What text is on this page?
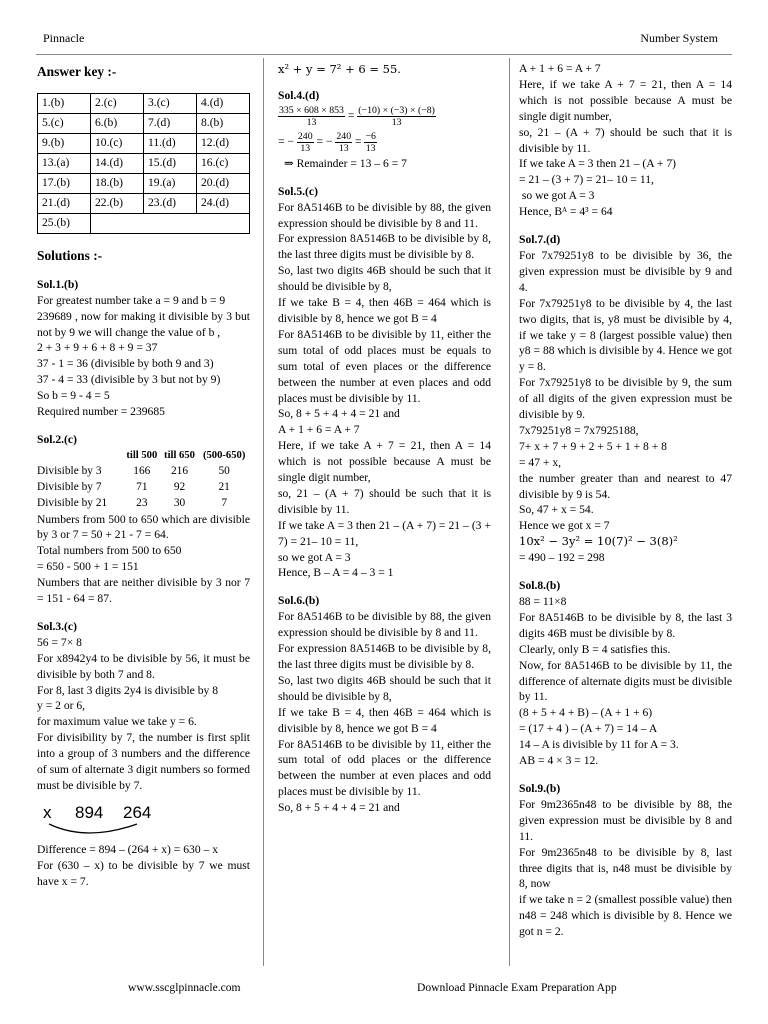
Pinnacle	Number System

Answer key :-

1.(b)	2.(c)	3.(c)	4.(d)
5.(c)	6.(b)	7.(d)	8.(b)
9.(b)	10.(c)	11.(d)	12.(d)
13.(a)	14.(d)	15.(d)	16.(c)
17.(b)	18.(b)	19.(a)	20.(d)
21.(d)	22.(b)	23.(d)	24.(d)
25.(b)			

Solutions :-

Sol.1.(b)

For greatest number take a = 9 and b = 9

239689 , now for making it divisible by 3 but not by 9 we will change the value of b ,

2 + 3 + 9 + 6 + 8 + 9 = 37

37 - 1 = 36 (divisible by both 9 and 3)

37 - 4 = 33 (divisible by 3 but not by 9)

So b = 9 - 4 = 5

Required number = 239685

Sol.2.(c)

	till 500	till 650	(500-650)
Divisible by 3	166	216	50
Divisible by 7	71	92	21
Divisible by 21	23	30	7

Numbers from 500 to 650 which are divisible by 3 or 7 = 50 + 21 - 7 = 64.

Total numbers from 500 to 650

= 650 - 500 + 1 = 151

Numbers that are neither divisible by 3 nor 7 = 151 - 64 = 87.

Sol.3.(c)

56 = 7× 8

For x8942y4 to be divisible by 56, it must be divisible by both 7 and 8.

For 8, last 3 digits 2y4 is divisible by 8

y = 2 or 6,

for maximum value we take y = 6.

For divisibility by 7, the number is first split into a group of 3 numbers and the difference of sum of alternate 3 digit numbers so formed must be divisible by 7.

x 894 264

Difference = 894 – (264 + x) = 630 – x

For (630 – x) to be divisible by 7 we must have x = 7.

x² + y = 7² + 6 = 55.

Sol.4.(d)

$\frac{335 \times 608 \times 853}{13} = \frac{(-10) \times (-3) \times (-8)}{13}$
= − $\frac{240}{13}$ = − $\frac{240}{13} = \frac{-6}{13}$

⇒ Remainder = 13 – 6 = 7

Sol.5.(c)

For 8A5146B to be divisible by 88, the given expression should be divisible by 8 and 11.

For expression 8A5146B to be divisible by 8, the last three digits must be divisible by 8.

So, last two digits 46B should be such that it should be divisible by 8,

If we take B = 4, then 46B = 464 which is divisible by 8, hence we got B = 4

For 8A5146B to be divisible by 11, either the sum total of odd places must be equals to sum total of even places or the difference between the number at even places and odd places must be divisible by 11.

So, 8 + 5 + 4 + 4 = 21 and

A + 1 + 6 = A + 7

Here, if we take A + 7 = 21, then A = 14 which is not possible because A must be single digit number,

so, 21 – (A + 7) should be such that it is divisible by 11.

If we take A = 3 then 21 – (A + 7) = 21 – (3 + 7) = 21– 10 = 11,

so we got A = 3

Hence, B – A = 4 – 3 = 1

Sol.6.(b)

For 8A5146B to be divisible by 88, the given expression should be divisible by 8 and 11.

For expression 8A5146B to be divisible by 8, the last three digits must be divisible by 8.

So, last two digits 46B should be such that it should be divisible by 8,

If we take B = 4, then 46B = 464 which is divisible by 8, hence we got B = 4

For 8A5146B to be divisible by 11, either the sum total of odd places or the difference between the number at even places and odd places must be divisible by 11.

So, 8 + 5 + 4 + 4 = 21 and

A + 1 + 6 = A + 7

Here, if we take A + 7 = 21, then A = 14 which is not possible because A must be single digit number,

so, 21 – (A + 7) should be such that it is divisible by 11.

If we take A = 3 then 21 – (A + 7)

= 21 – (3 + 7) = 21– 10 = 11,

so we got A = 3

Hence, Bᴬ = 4³ = 64

Sol.7.(d)

For 7x79251y8 to be divisible by 36, the given expression must be divisible by 9 and 4.

For 7x79251y8 to be divisible by 4, the last two digits, that is, y8 must be divisible by 4, if we take y = 8 (largest possible value) then y8 = 88 which is divisible by 4. Hence we got y = 8.

For 7x79251y8 to be divisible by 9, the sum of all digits of the given expression must be divisible by 9.

7x79251y8 = 7x7925188,

7+ x + 7 + 9 + 2 + 5 + 1 + 8 + 8

= 47 + x,

the number greater than and nearest to 47 divisible by 9 is 54.

So, 47 + x = 54.

Hence we got x = 7

10x² − 3y² = 10(7)² − 3(8)²

= 490 – 192 = 298

Sol.8.(b)

88 = 11×8

For 8A5146B to be divisible by 8, the last 3 digits 46B must be divisible by 8.

Clearly, only B = 4 satisfies this.

Now, for 8A5146B to be divisible by 11, the difference of alternate digits must be divisible by 11.

(8 + 5 + 4 + B) – (A + 1 + 6)

= (17 + 4 ) – (A + 7) = 14 – A

14 – A is divisible by 11 for A = 3.

AB = 4 × 3 = 12.

Sol.9.(b)

For 9m2365n48 to be divisible by 88, the given expression must be divisible by 8 and 11.

For 9m2365n48 to be divisible by 8, last three digits that is, n48 must be divisible by 8, now

if we take n = 2 (smallest possible value) then n48 = 248 which is divisible by 8. Hence we got n = 2.

www.sscglpinnacle.com	Download Pinnacle Exam Preparation App
